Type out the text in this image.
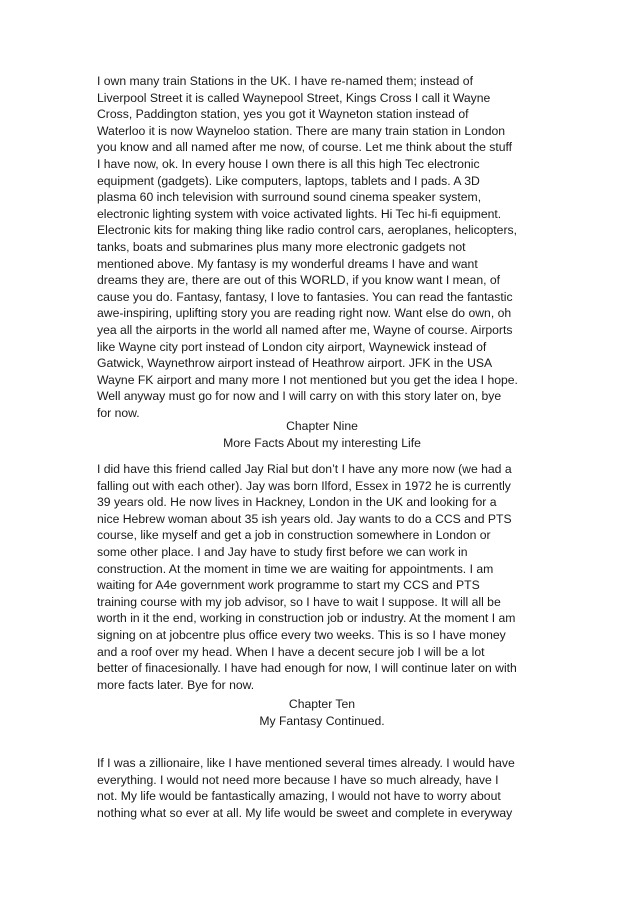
I own many train Stations in the UK. I have re-named them; instead of
Liverpool Street it is called Waynepool Street, Kings Cross I call it Wayne
Cross, Paddington station, yes you got it Wayneton station instead of
Waterloo it is now Wayneloo station. There are many train station in London
you know and all named after me now, of course. Let me think about the stuff
I have now, ok. In every house I own there is all this high Tec electronic
equipment (gadgets). Like computers, laptops, tablets and I pads. A 3D
plasma 60 inch television with surround sound cinema speaker system,
electronic lighting system with voice activated lights. Hi Tec hi-fi equipment.
Electronic kits for making thing like radio control cars, aeroplanes, helicopters,
tanks, boats and submarines plus many more electronic gadgets not
mentioned above. My fantasy is my wonderful dreams I have and want
dreams they are, there are out of this WORLD, if you know want I mean, of
cause you do. Fantasy, fantasy, I love to fantasies. You can read the fantastic
awe-inspiring, uplifting story you are reading right now. Want else do own, oh
yea all the airports in the world all named after me, Wayne of course. Airports
like Wayne city port instead of London city airport, Waynewick instead of
Gatwick, Waynethrow airport instead of Heathrow airport. JFK in the USA
Wayne FK airport and many more I not mentioned but you get the idea I hope.
Well anyway must go for now and I will carry on with this story later on, bye
for now.
Chapter Nine
More Facts About my interesting Life
I did have this friend called Jay Rial but don’t I have any more now (we had a
falling out with each other). Jay was born Ilford, Essex in 1972 he is currently
39 years old. He now lives in Hackney, London in the UK and looking for a
nice Hebrew woman about 35 ish years old. Jay wants to do a CCS and PTS
course, like myself and get a job in construction somewhere in London or
some other place. I and Jay have to study first before we can work in
construction. At the moment in time we are waiting for appointments. I am
waiting for A4e government work programme to start my CCS and PTS
training course with my job advisor, so I have to wait I suppose. It will all be
worth in it the end, working in construction job or industry. At the moment I am
signing on at jobcentre plus office every two weeks. This is so I have money
and a roof over my head. When I have a decent secure job I will be a lot
better of finacesionally. I have had enough for now, I will continue later on with
more facts later. Bye for now.
Chapter Ten
My Fantasy Continued.
If I was a zillionaire, like I have mentioned several times already. I would have
everything. I would not need more because I have so much already, have I
not. My life would be fantastically amazing, I would not have to worry about
nothing what so ever at all. My life would be sweet and complete in everyway
